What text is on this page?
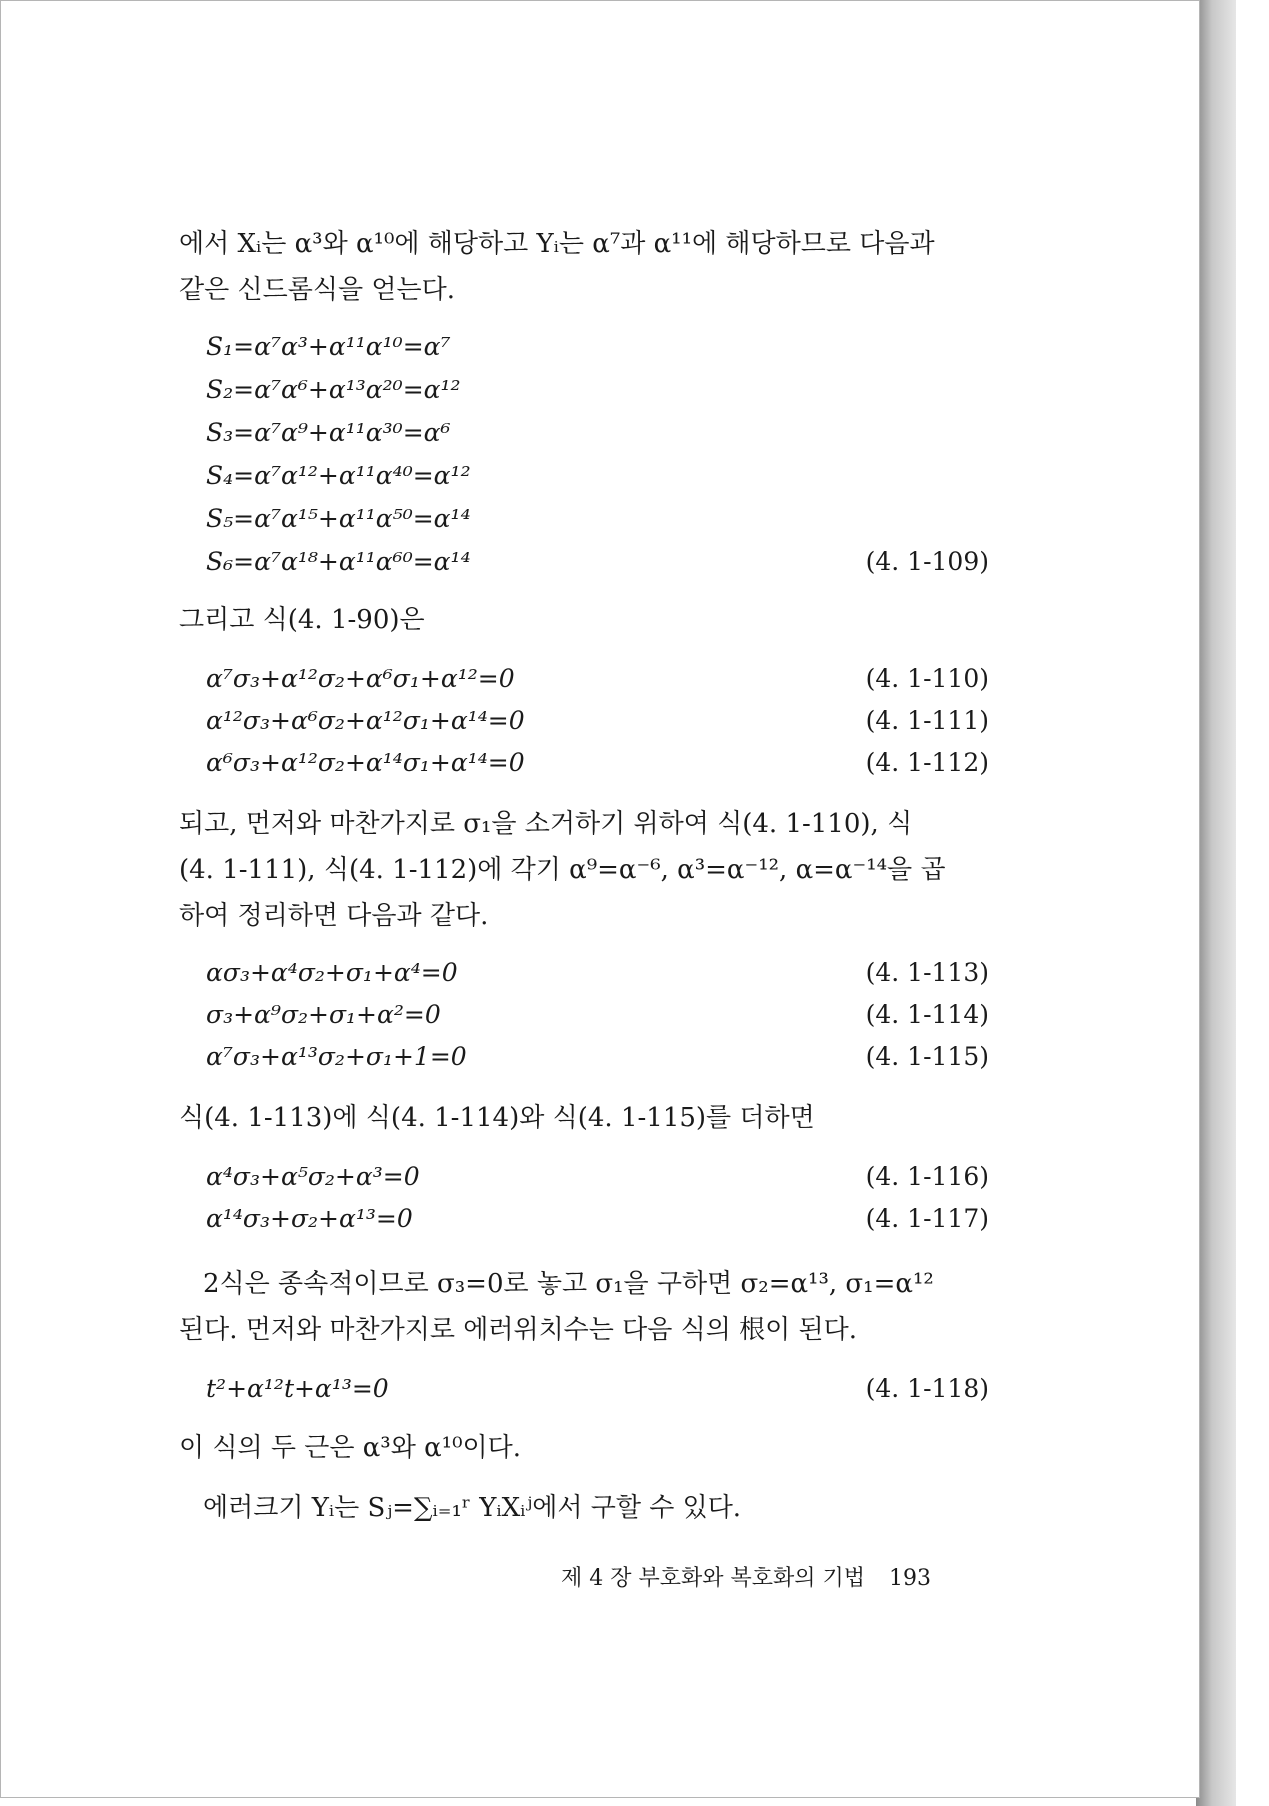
에서 Xᵢ는 α³와 α¹⁰에 해당하고 Yᵢ는 α⁷과 α¹¹에 해당하므로 다음과
같은 신드롬식을 얻는다.
S₁=α⁷α³+α¹¹α¹⁰=α⁷
S₂=α⁷α⁶+α¹³α²⁰=α¹²
S₃=α⁷α⁹+α¹¹α³⁰=α⁶
S₄=α⁷α¹²+α¹¹α⁴⁰=α¹²
S₅=α⁷α¹⁵+α¹¹α⁵⁰=α¹⁴
S₆=α⁷α¹⁸+α¹¹α⁶⁰=α¹⁴	(4. 1-109)
그리고 식(4. 1-90)은
α⁷σ₃+α¹²σ₂+α⁶σ₁+α¹²=0	(4. 1-110)
α¹²σ₃+α⁶σ₂+α¹²σ₁+α¹⁴=0	(4. 1-111)
α⁶σ₃+α¹²σ₂+α¹⁴σ₁+α¹⁴=0	(4. 1-112)
되고, 먼저와 마찬가지로 σ₁을 소거하기 위하여 식(4. 1-110), 식
(4. 1-111), 식(4. 1-112)에 각기 α⁹=α⁻⁶, α³=α⁻¹², α=α⁻¹⁴을 곱
하여 정리하면 다음과 같다.
ασ₃+α⁴σ₂+σ₁+α⁴=0	(4. 1-113)
σ₃+α⁹σ₂+σ₁+α²=0	(4. 1-114)
α⁷σ₃+α¹³σ₂+σ₁+1=0	(4. 1-115)
식(4. 1-113)에 식(4. 1-114)와 식(4. 1-115)를 더하면
α⁴σ₃+α⁵σ₂+α³=0	(4. 1-116)
α¹⁴σ₃+σ₂+α¹³=0	(4. 1-117)
2식은 종속적이므로 σ₃=0로 놓고 σ₁을 구하면 σ₂=α¹³, σ₁=α¹²
된다. 먼저와 마찬가지로 에러위치수는 다음 식의 根이 된다.
t²+α¹²t+α¹³=0	(4. 1-118)
이 식의 두 근은 α³와 α¹⁰이다.
에러크기 Yᵢ는 Sⱼ=∑ᵢ₌₁ʳ YᵢXᵢʲ에서 구할 수 있다.
제 4 장 부호화와 복호화의 기법 193
